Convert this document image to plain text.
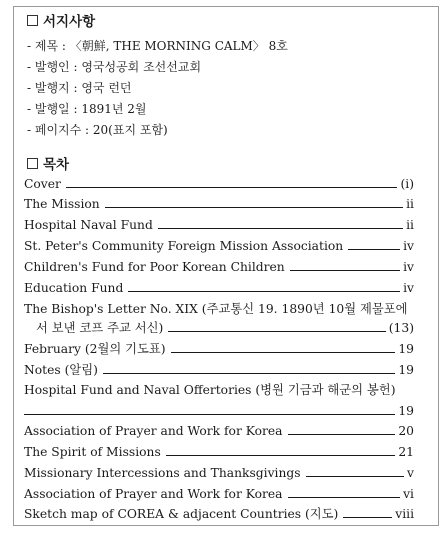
서지사항
- 제목 : 〈朝鮮, THE MORNING CALM〉 8호
- 발행인 : 영국성공회 조선선교회
- 발행지 : 영국 런던
- 발행일 : 1891년 2월
- 페이지수 : 20(표지 포함)
목차
Cover	(i)
The Mission	ii
Hospital Naval Fund	ii
St. Peter's Community Foreign Mission Association	iv
Children's Fund for Poor Korean Children	iv
Education Fund	iv
The Bishop's Letter No. XIX (주교통신 19. 1890년 10월 제물포에
서 보낸 코프 주교 서신)	(13)
February (2월의 기도표)	19
Notes (알림)	19
Hospital Fund and Naval Offertories (병원 기금과 해군의 봉헌)
19
Association of Prayer and Work for Korea	20
The Spirit of Missions	21
Missionary Intercessions and Thanksgivings	v
Association of Prayer and Work for Korea	vi
Sketch map of COREA & adjacent Countries (지도)	viii
